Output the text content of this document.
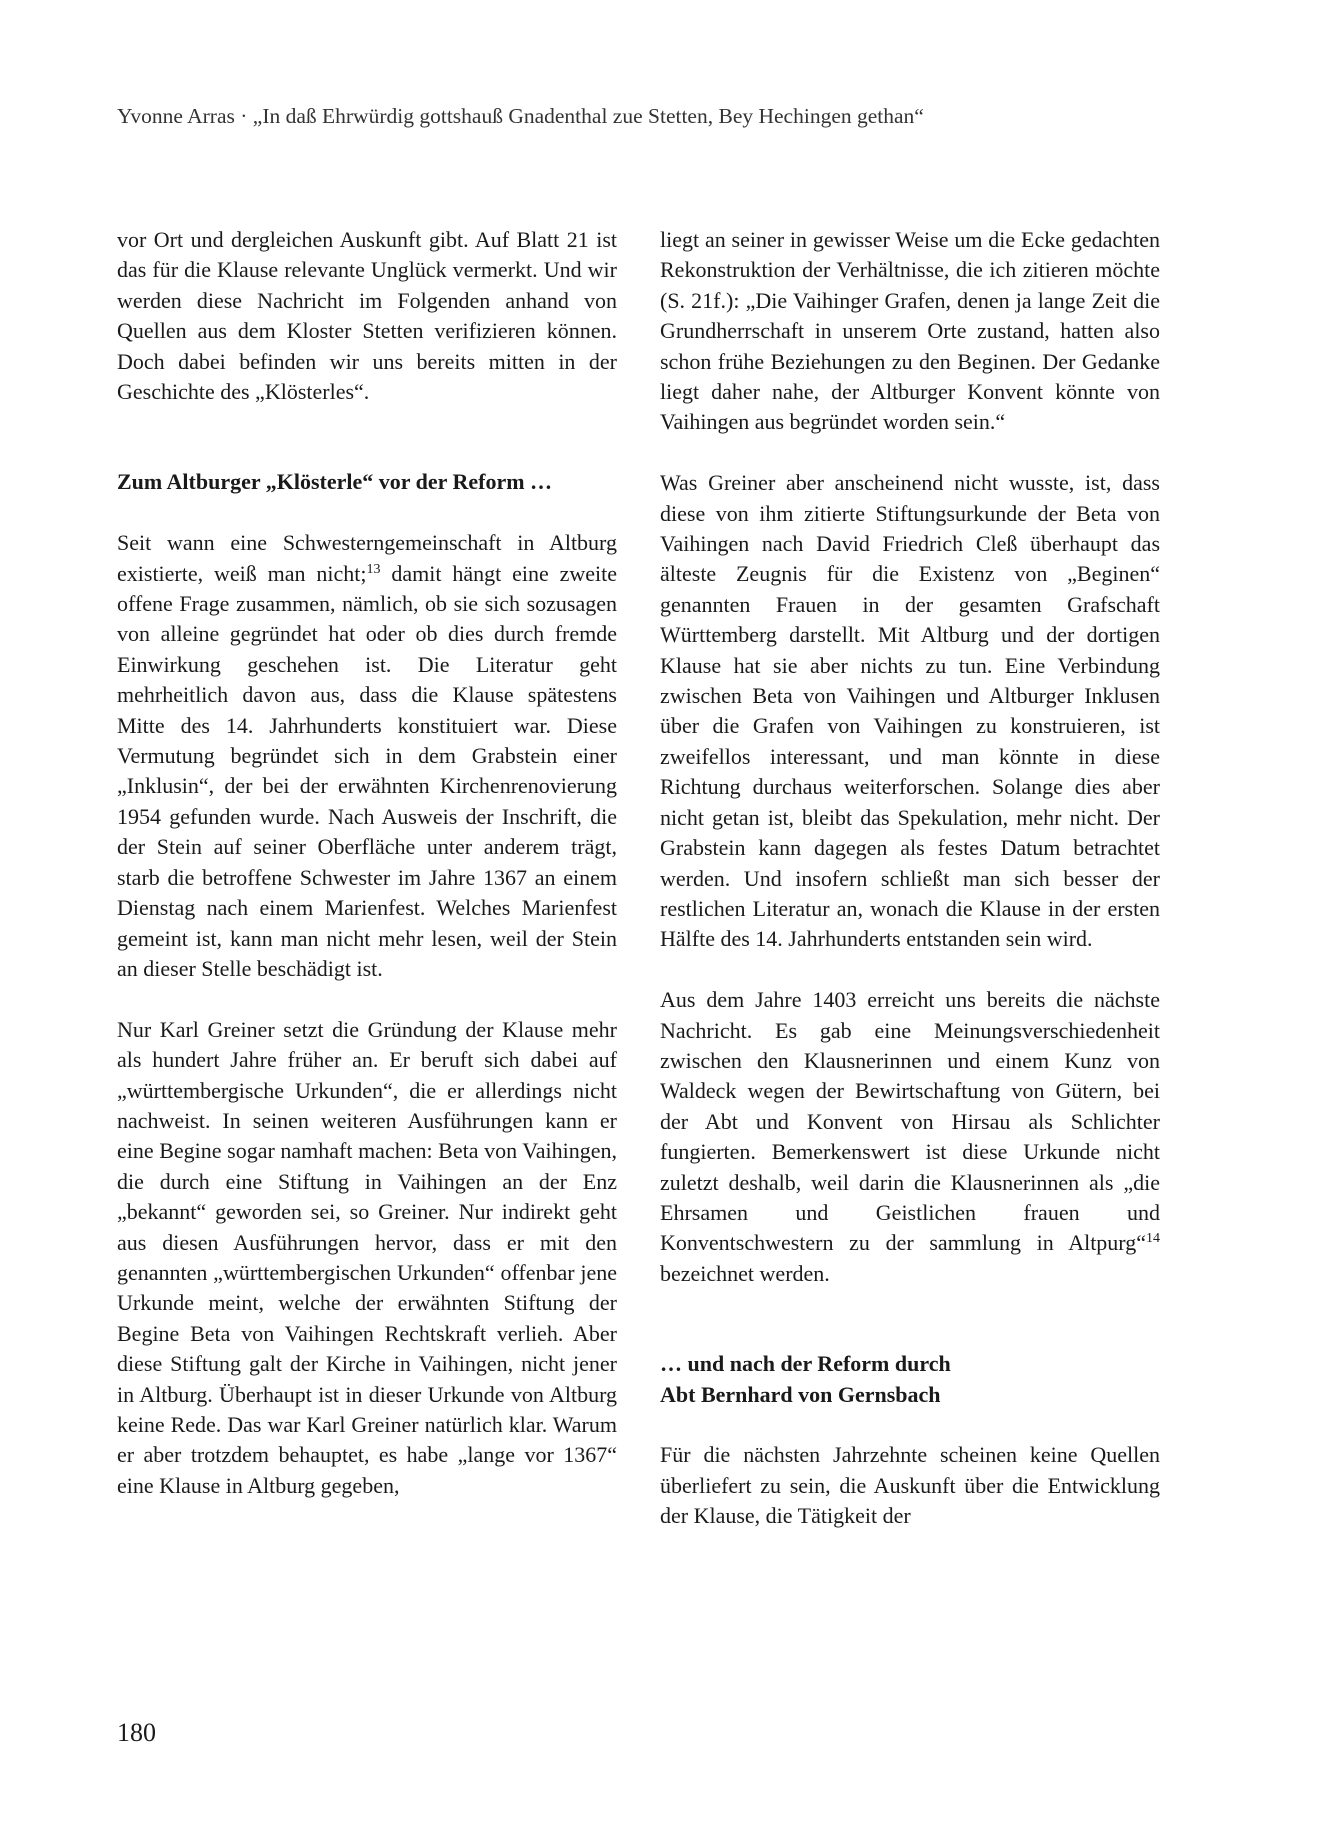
Yvonne Arras · „In daß Ehrwürdig gottshauß Gnadenthal zue Stetten, Bey Hechingen gethan“

vor Ort und dergleichen Auskunft gibt. Auf Blatt 21 ist das für die Klause relevante Unglück vermerkt. Und wir werden diese Nachricht im Folgenden anhand von Quellen aus dem Kloster Stetten verifizieren können. Doch dabei befinden wir uns bereits mitten in der Geschichte des „Klösterles“.

Zum Altburger „Klösterle“ vor der Reform …

Seit wann eine Schwesterngemeinschaft in Altburg existierte, weiß man nicht;$^{13}$ damit hängt eine zweite offene Frage zusammen, nämlich, ob sie sich sozusagen von alleine gegründet hat oder ob dies durch fremde Einwirkung geschehen ist. Die Literatur geht mehrheitlich davon aus, dass die Klause spätestens Mitte des 14. Jahrhunderts konstituiert war. Diese Vermutung begründet sich in dem Grabstein einer „Inklusin“, der bei der erwähnten Kirchenrenovierung 1954 gefunden wurde. Nach Ausweis der Inschrift, die der Stein auf seiner Oberfläche unter anderem trägt, starb die betroffene Schwester im Jahre 1367 an einem Dienstag nach einem Marienfest. Welches Marienfest gemeint ist, kann man nicht mehr lesen, weil der Stein an dieser Stelle beschädigt ist.

Nur Karl Greiner setzt die Gründung der Klause mehr als hundert Jahre früher an. Er beruft sich dabei auf „württembergische Urkunden“, die er allerdings nicht nachweist. In seinen weiteren Ausführungen kann er eine Begine sogar namhaft machen: Beta von Vaihingen, die durch eine Stiftung in Vaihingen an der Enz „bekannt“ geworden sei, so Greiner. Nur indirekt geht aus diesen Ausführungen hervor, dass er mit den genannten „württembergischen Urkunden“ offenbar jene Urkunde meint, welche der erwähnten Stiftung der Begine Beta von Vaihingen Rechtskraft verlieh. Aber diese Stiftung galt der Kirche in Vaihingen, nicht jener in Altburg. Überhaupt ist in dieser Urkunde von Altburg keine Rede. Das war Karl Greiner natürlich klar. Warum er aber trotzdem behauptet, es habe „lange vor 1367“ eine Klause in Altburg gegeben,

liegt an seiner in gewisser Weise um die Ecke gedachten Rekonstruktion der Verhältnisse, die ich zitieren möchte (S. 21f.): „Die Vaihinger Grafen, denen ja lange Zeit die Grundherrschaft in unserem Orte zustand, hatten also schon frühe Beziehungen zu den Beginen. Der Gedanke liegt daher nahe, der Altburger Konvent könnte von Vaihingen aus begründet worden sein.“

Was Greiner aber anscheinend nicht wusste, ist, dass diese von ihm zitierte Stiftungsurkunde der Beta von Vaihingen nach David Friedrich Cleß überhaupt das älteste Zeugnis für die Existenz von „Beginen“ genannten Frauen in der gesamten Grafschaft Württemberg darstellt. Mit Altburg und der dortigen Klause hat sie aber nichts zu tun. Eine Verbindung zwischen Beta von Vaihingen und Altburger Inklusen über die Grafen von Vaihingen zu konstruieren, ist zweifellos interessant, und man könnte in diese Richtung durchaus weiterforschen. Solange dies aber nicht getan ist, bleibt das Spekulation, mehr nicht. Der Grabstein kann dagegen als festes Datum betrachtet werden. Und insofern schließt man sich besser der restlichen Literatur an, wonach die Klause in der ersten Hälfte des 14. Jahrhunderts entstanden sein wird.

Aus dem Jahre 1403 erreicht uns bereits die nächste Nachricht. Es gab eine Meinungsverschiedenheit zwischen den Klausnerinnen und einem Kunz von Waldeck wegen der Bewirtschaftung von Gütern, bei der Abt und Konvent von Hirsau als Schlichter fungierten. Bemerkenswert ist diese Urkunde nicht zuletzt deshalb, weil darin die Klausnerinnen als „die Ehrsamen und Geistlichen frauen und Konventschwestern zu der sammlung in Altpurg“$^{14}$ bezeichnet werden.

… und nach der Reform durch
Abt Bernhard von Gernsbach

Für die nächsten Jahrzehnte scheinen keine Quellen überliefert zu sein, die Auskunft über die Entwicklung der Klause, die Tätigkeit der

180
